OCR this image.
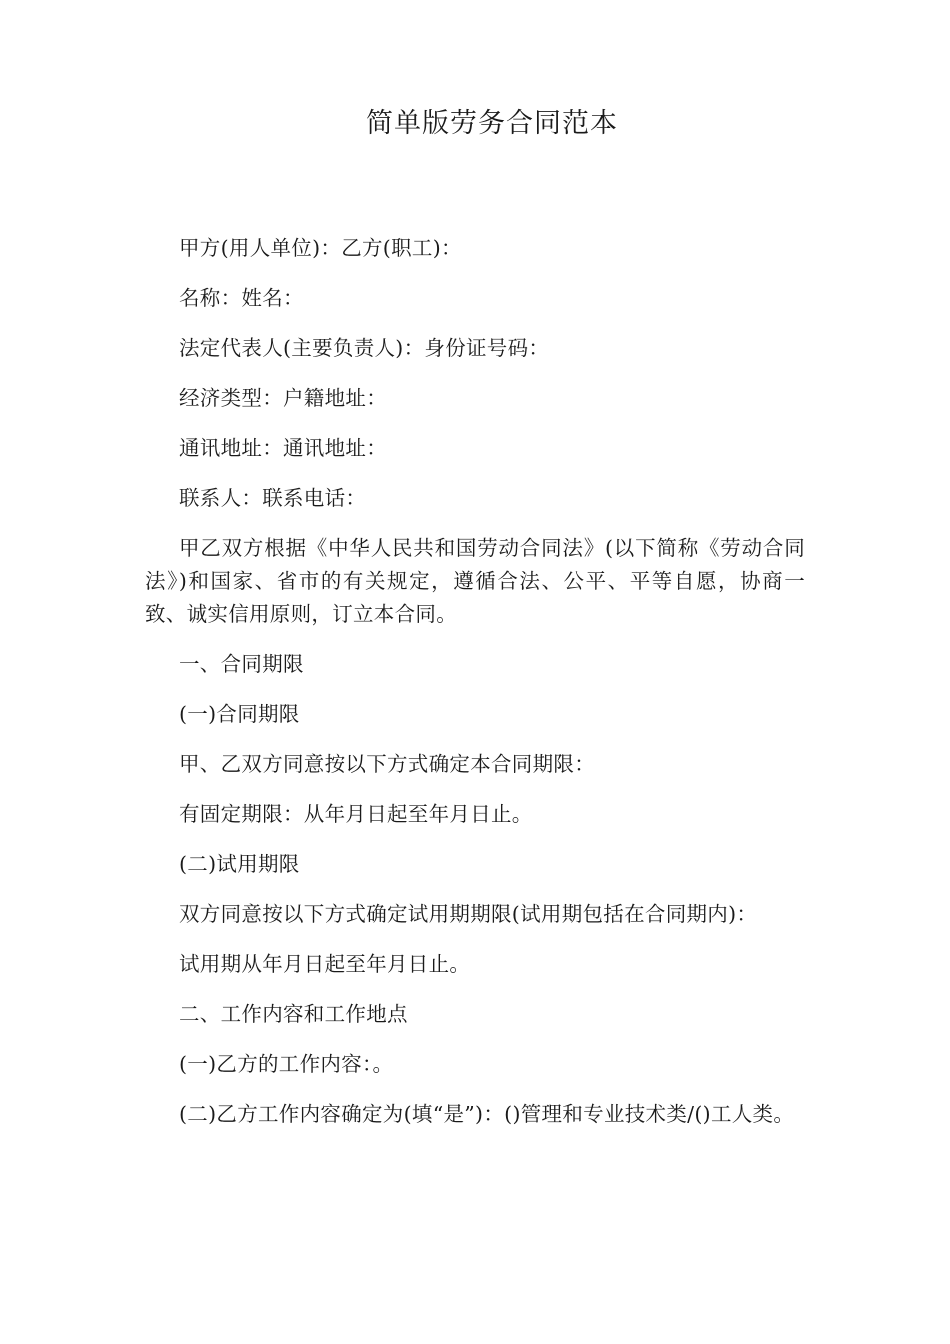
简单版劳务合同范本

甲方(用人单位)：乙方(职工)：

名称：姓名：

法定代表人(主要负责人)：身份证号码：

经济类型：户籍地址：

通讯地址：通讯地址：

联系人：联系电话：

甲乙双方根据《中华人民共和国劳动合同法》(以下简称《劳动合同法》)和国家、省市的有关规定，遵循合法、公平、平等自愿，协商一致、诚实信用原则，订立本合同。

一、合同期限

(一)合同期限

甲、乙双方同意按以下方式确定本合同期限：

有固定期限：从年月日起至年月日止。

(二)试用期限

双方同意按以下方式确定试用期期限(试用期包括在合同期内)：

试用期从年月日起至年月日止。

二、工作内容和工作地点

(一)乙方的工作内容：。

(二)乙方工作内容确定为(填“是”)：()管理和专业技术类/()工人类。
